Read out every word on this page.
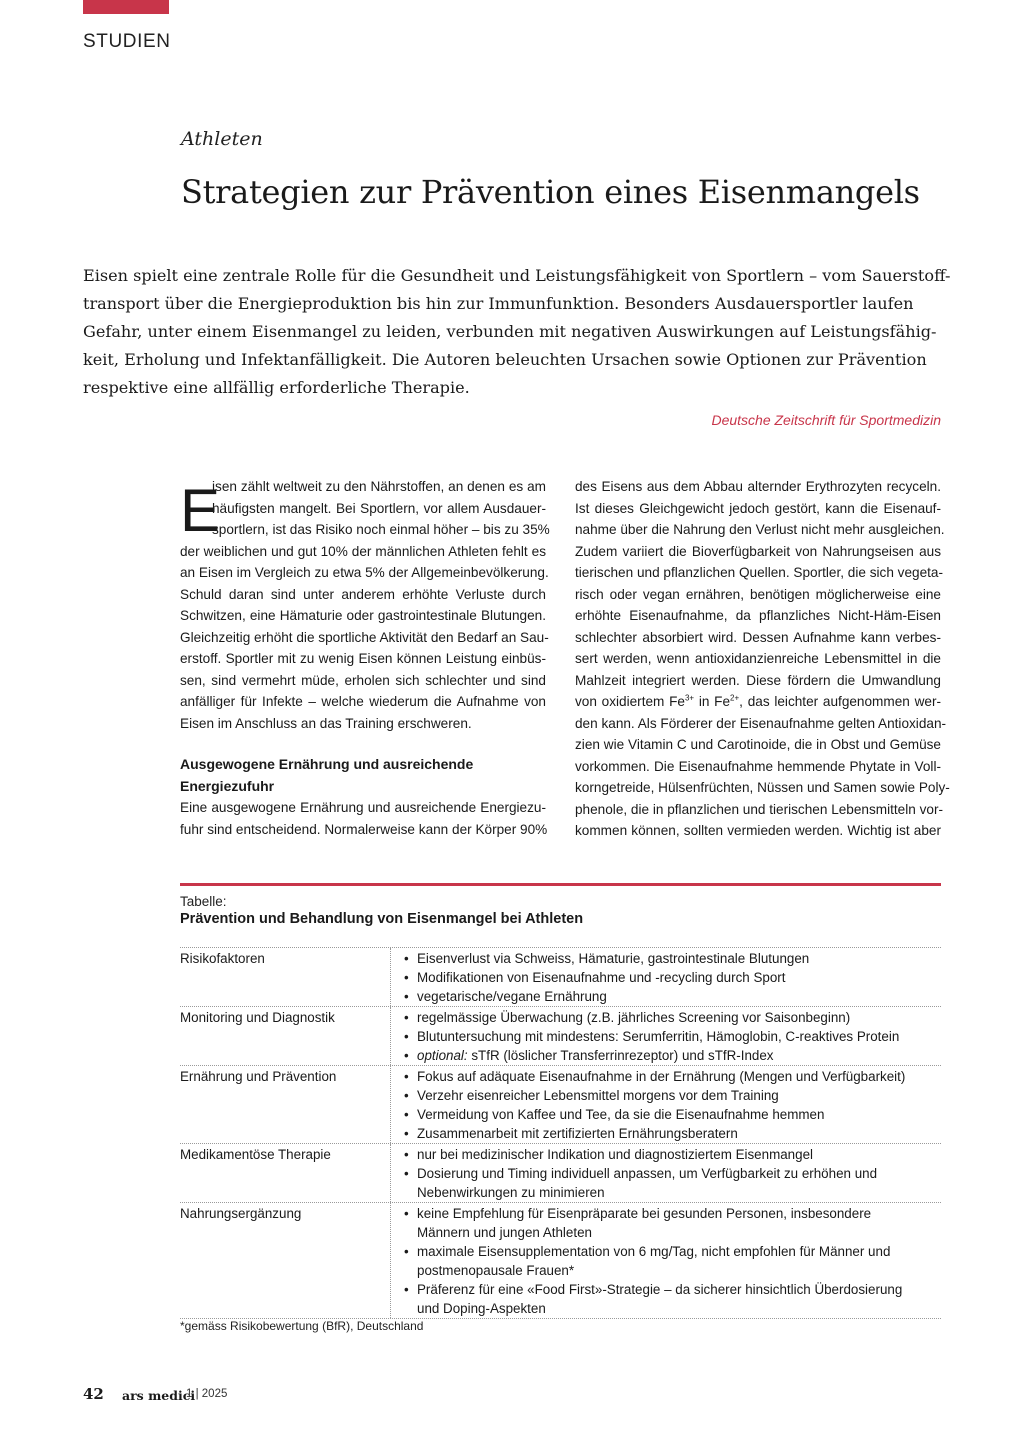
STUDIEN
Athleten
Strategien zur Prävention eines Eisenmangels
Eisen spielt eine zentrale Rolle für die Gesundheit und Leistungsfähigkeit von Sportlern – vom Sauerstoff-
transport über die Energieproduktion bis hin zur Immunfunktion. Besonders Ausdauersportler laufen
Gefahr, unter einem Eisenmangel zu leiden, verbunden mit negativen Auswirkungen auf Leistungsfähig-
keit, Erholung und Infektanfälligkeit. Die Autoren beleuchten Ursachen sowie Optionen zur Prävention
respektive eine allfällig erforderliche Therapie.
Deutsche Zeitschrift für Sportmedizin
E
isen zählt weltweit zu den Nährstoffen, an denen es am
häufigsten mangelt. Bei Sportlern, vor allem Ausdauer-
sportlern, ist das Risiko noch einmal höher – bis zu 35%
der weiblichen und gut 10% der männlichen Athleten fehlt es
an Eisen im Vergleich zu etwa 5% der Allgemeinbevölkerung.
Schuld daran sind unter anderem erhöhte Verluste durch
Schwitzen, eine Hämaturie oder gastrointestinale Blutungen.
Gleichzeitig erhöht die sportliche Aktivität den Bedarf an Sau-
erstoff. Sportler mit zu wenig Eisen können Leistung einbüs-
sen, sind vermehrt müde, erholen sich schlechter und sind
anfälliger für Infekte – welche wiederum die Aufnahme von
Eisen im Anschluss an das Training erschweren.
Ausgewogene Ernährung und ausreichende
Energiezufuhr
Eine ausgewogene Ernährung und ausreichende Energiezu-
fuhr sind entscheidend. Normalerweise kann der Körper 90%
des Eisens aus dem Abbau alternder Erythrozyten recyceln.
Ist dieses Gleichgewicht jedoch gestört, kann die Eisenauf-
nahme über die Nahrung den Verlust nicht mehr ausgleichen.
Zudem variiert die Bioverfügbarkeit von Nahrungseisen aus
tierischen und pflanzlichen Quellen. Sportler, die sich vegeta-
risch oder vegan ernähren, benötigen möglicherweise eine
erhöhte Eisenaufnahme, da pflanzliches Nicht-Häm-Eisen
schlechter absorbiert wird. Dessen Aufnahme kann verbes-
sert werden, wenn antioxidanzienreiche Lebensmittel in die
Mahlzeit integriert werden. Diese fördern die Umwandlung
von oxidiertem $Fe^{3+}$ in $Fe^{2+}$, das leichter aufgenommen wer-
den kann. Als Förderer der Eisenaufnahme gelten Antioxidan-
zien wie Vitamin C und Carotinoide, die in Obst und Gemüse
vorkommen. Die Eisenaufnahme hemmende Phytate in Voll-
korngetreide, Hülsenfrüchten, Nüssen und Samen sowie Poly-
phenole, die in pflanzlichen und tierischen Lebensmitteln vor-
kommen können, sollten vermieden werden. Wichtig ist aber
Tabelle:
Prävention und Behandlung von Eisenmangel bei Athleten
Risikofaktoren	• Eisenverlust via Schweiss, Hämaturie, gastrointestinale Blutungen
• Modifikationen von Eisenaufnahme und -recycling durch Sport
• vegetarische/vegane Ernährung
Monitoring und Diagnostik	• regelmässige Überwachung (z.B. jährliches Screening vor Saisonbeginn)
• Blutuntersuchung mit mindestens: Serumferritin, Hämoglobin, C-reaktives Protein
• optional: sTfR (löslicher Transferrinrezeptor) und sTfR-Index
Ernährung und Prävention	• Fokus auf adäquate Eisenaufnahme in der Ernährung (Mengen und Verfügbarkeit)
• Verzehr eisenreicher Lebensmittel morgens vor dem Training
• Vermeidung von Kaffee und Tee, da sie die Eisenaufnahme hemmen
• Zusammenarbeit mit zertifizierten Ernährungsberatern
Medikamentöse Therapie	• nur bei medizinischer Indikation und diagnostiziertem Eisenmangel
• Dosierung und Timing individuell anpassen, um Verfügbarkeit zu erhöhen und
Nebenwirkungen zu minimieren
Nahrungsergänzung	• keine Empfehlung für Eisenpräparate bei gesunden Personen, insbesondere
Männern und jungen Athleten
• maximale Eisensupplementation von 6 mg/Tag, nicht empfohlen für Männer und
postmenopausale Frauen*
• Präferenz für eine «Food First»-Strategie – da sicherer hinsichtlich Überdosierung
und Doping-Aspekten
*gemäss Risikobewertung (BfR), Deutschland
42 ars medici
1 | 2025
